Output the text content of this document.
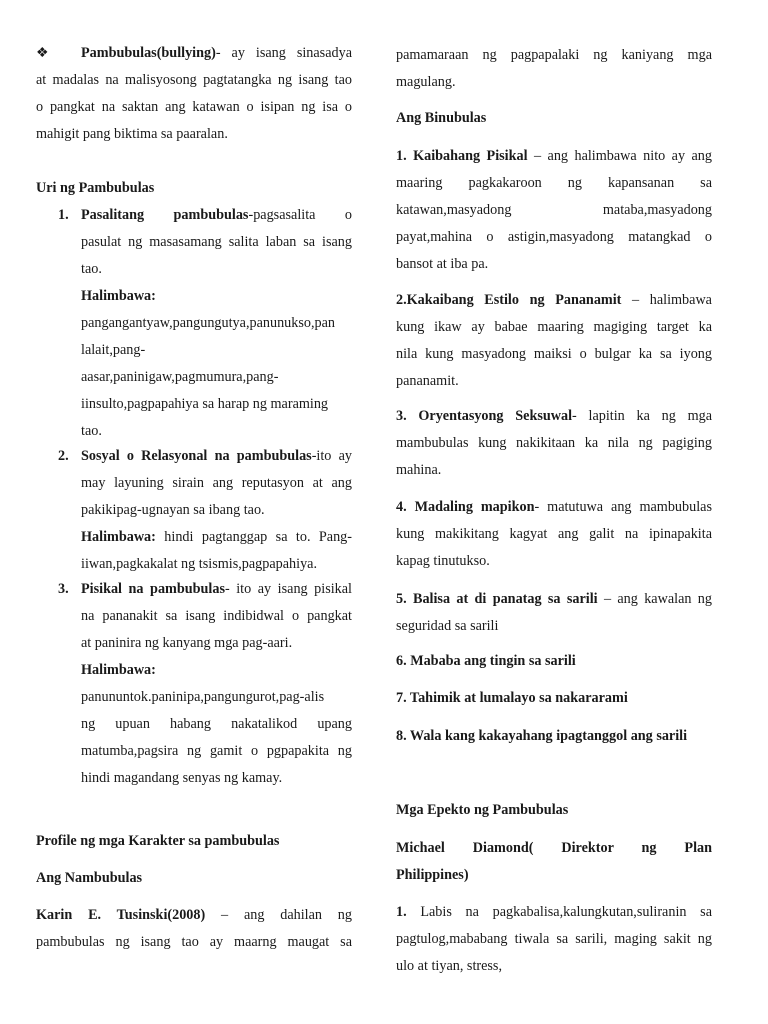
❖	Pambubulas(bullying)- ay isang sinasadya
at madalas na malisyosong pagtatangka ng isang tao
o pangkat na saktan ang katawan o isipan ng isa o
mahigit pang biktima sa paaralan.
Uri ng Pambubulas
1. Pasalitang pambubulas-pagsasalita o
pasulat ng masasamang salita laban sa isang
tao.
Halimbawa:
pangangantyaw,pangungutya,panunukso,pan
lalait,pang-
aasar,paninigaw,pagmumura,pang-
iinsulto,pagpapahiya sa harap ng maraming
tao.
2. Sosyal o Relasyonal na pambubulas-ito ay
may layuning sirain ang reputasyon at ang
pakikipag-ugnayan sa ibang tao.
Halimbawa: hindi pagtanggap sa to. Pang-
iiwan,pagkakalat ng tsismis,pagpapahiya.
3. Pisikal na pambubulas- ito ay isang pisikal
na pananakit sa isang indibidwal o pangkat
at paninira ng kanyang mga pag-aari.
Halimbawa:
panununtok.paninipa,pangungurot,pag-alis
ng upuan habang nakatalikod upang
matumba,pagsira ng gamit o pgpapakita ng
hindi magandang senyas ng kamay.
Profile ng mga Karakter sa pambubulas
Ang Nambubulas
Karin E. Tusinski(2008) – ang dahilan ng
pambubulas ng isang tao ay maarng maugat sa
pamamaraan ng pagpapalaki ng kaniyang mga
magulang.
Ang Binubulas
1. Kaibahang Pisikal – ang halimbawa nito ay ang
maaring pagkakaroon ng kapansanan sa
katawan,masyadong mataba,masyadong
payat,mahina o astigin,masyadong matangkad o
bansot at iba pa.
2.Kakaibang Estilo ng Pananamit – halimbawa
kung ikaw ay babae maaring magiging target ka
nila kung masyadong maiksi o bulgar ka sa iyong
pananamit.
3. Oryentasyong Seksuwal- lapitin ka ng mga
mambubulas kung nakikitaan ka nila ng pagiging
mahina.
4. Madaling mapikon- matutuwa ang mambubulas
kung makikitang kagyat ang galit na ipinapakita
kapag tinutukso.
5. Balisa at di panatag sa sarili – ang kawalan ng
seguridad sa sarili
6. Mababa ang tingin sa sarili
7. Tahimik at lumalayo sa nakararami
8. Wala kang kakayahang ipagtanggol ang sarili
Mga Epekto ng Pambubulas
Michael Diamond( Direktor ng Plan
Philippines)
1. Labis na pagkabalisa,kalungkutan,suliranin sa
pagtulog,mababang tiwala sa sarili, maging sakit ng
ulo at tiyan, stress,
